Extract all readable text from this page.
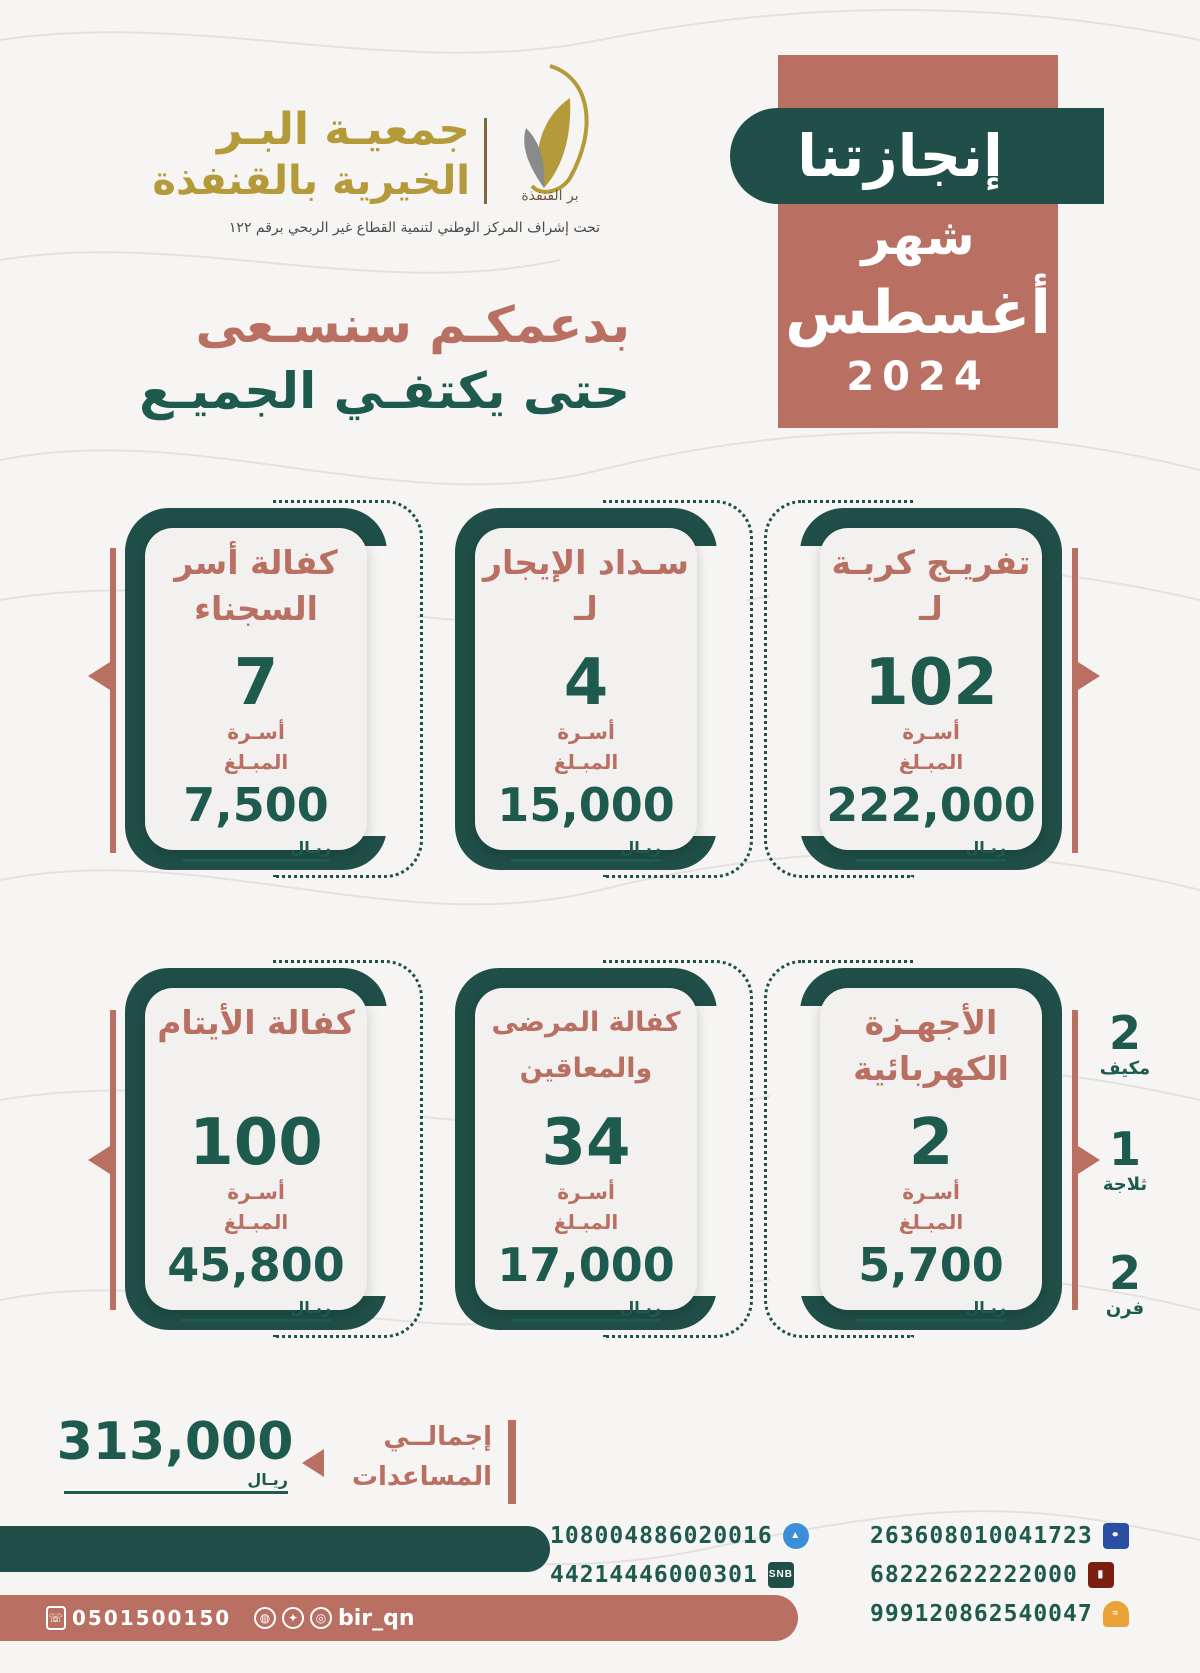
إنجازتنا
شهر
أغسطس
2024
بر القنفذة
جمعيـة البـر
الخيرية بالقنفذة
تحت إشراف المركز الوطني لتنمية القطاع غير الربحي برقم ١٢٢
بدعمكـم سنسـعى
حتى يكتفـي الجميـع
تفريـج كربـة لـ
102
أسـرة
المبـلغ
222,000
ريـال
سـداد الإيجار لـ
4
أسـرة
المبـلغ
15,000
ريـال
كفالة أسر السجناء
7
أسـرة
المبـلغ
7,500
ريـال
الأجهـزة الكهربائية
2
أسـرة
المبـلغ
5,700
ريـال
كفالة المرضى والمعاقين
34
أسـرة
المبـلغ
17,000
ريـال
كفالة الأيتام
100
أسـرة
المبـلغ
45,800
ريـال
2
مكيف
1
ثلاجة
2
فرن
إجمالــي
المساعدات
313,000
ريـال
☏ 0501500150	◍	✦	◎ bir_qn
263608010041723	⚭
108004886020016	▲
68222622222000	▮
44214446000301 SNB
999120862540047	≈
